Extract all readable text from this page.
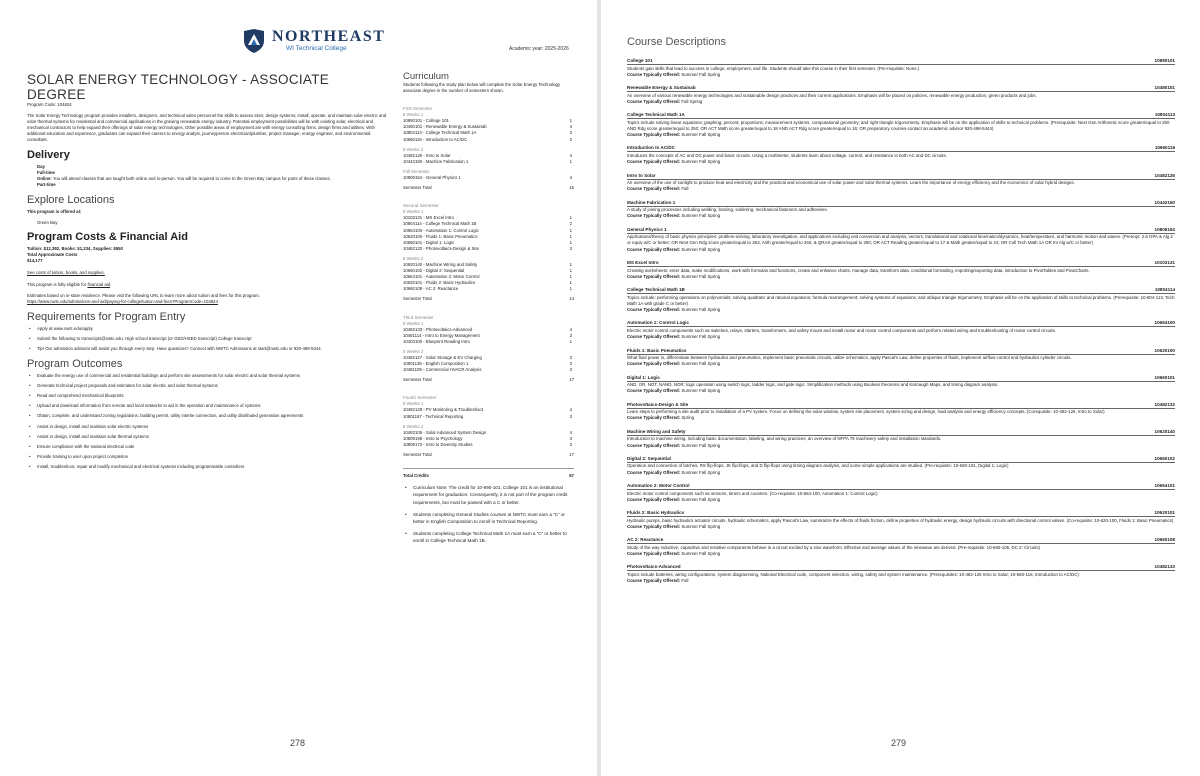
NORTHEAST
WI Technical College	Academic year: 2025-2026
SOLAR ENERGY TECHNOLOGY - ASSOCIATE DEGREE
Program Code: 104824

The Solar Energy Technology program provides installers, designers, and technical sales personnel the skills to assess sites; design systems; install, operate, and maintain solar electric and solar thermal systems for residential and commercial applications in the growing renewable energy industry. Potential employment possibilities will be with existing solar, electrical and mechanical contractors to help expand their offerings of solar energy technologies. Other possible areas of employment are with energy consulting firms, design firms and utilities. With additional education and experience, graduates can expand their careers to energy analyst, journeyperson electrician/plumber, project manager, energy engineer, and environmental consultant.

Delivery

Day

Full-time

Online: You will attend classes that are taught both online and in-person. You will be required to come to the Green Bay campus for parts of these classes.

Part-time

Explore Locations
This program is offered at:
Green Bay
Program Costs & Financial Aid
Tuition: $12,392, Books: $1,234, Supplies: $550
Total Approximate Costs
$14,177
See costs of tuition, books, and supplies.
This program is fully eligible for financial aid.
Estimates based on in-state residence. Please visit the following URL to learn more about tuition and fees for this program.
https://www.nwtc.edu/admissions-and-aid/paying-for-college/tuition-and-fees?ProgramCode=104824
Requirements for Program Entry
• Apply at www.nwtc.edu/apply.
• Submit the following to transcripts@nwtc.edu: High school transcript (or GED/HSED transcript) College transcript
• Tip! Our admission advisors will assist you through every step. Have questions? Connect with NWTC Admissions at start@nwtc.edu or 920-498-5444.
Program Outcomes
• Evaluate the energy use of commercial and residential buildings and perform site assessments for solar electric and solar thermal systems
• Generate technical project proposals and estimates for solar electric and solar thermal systems
• Read and comprehend mechanical blueprints
• Upload and download information from remote and local networks to aid in the operation and maintenance of systems
• Obtain, complete, and understand zoning regulations, building permit, utility intertie connection, and utility distributed generation agreements
• Assist in design, install and maintain solar electric systems
• Assist in design, install and maintain solar thermal systems
• Ensure compliance with the national electrical code
• Provide training to user upon project completion
• Install, troubleshoot, repair and modify mechanical and electrical systems including programmable controllers
Curriculum
Students following the study plan below will complete the Solar Energy Technology associate degree in the number of semesters shown.
First Semester
8 Weeks 1
10890101 - College 101	1
10480101 - Renewable Energy & Sustainab	4
10804113 - College Technical Math 1A	3
10660116 - Introduction to AC/DC	2
8 Weeks 2
10482126 - Intro to Solar	4
10442150 - Machine Fabrication 1	1
Full Semester
10806154 - General Physics 1	4
Semester Total	15
Second Semester
8 Weeks 1
10103131 - MS Excel Intro	1
10804114 - College Technical Math 1B	2
10664100 - Automation 1: Control Logic	1
10620100 - Fluids 1: Basic Pneumatics	1
10660101 - Digital 1: Logic	1
10482132 - Photovoltaics-Design & Site	3
8 Weeks 2
10620140 - Machine Wiring and Safety	1
10660102 - Digital 2: Sequential	1
10664101 - Automation 2: Motor Control	1
10620101 - Fluids 2: Basic Hydraulics	1
10660108 - AC 2: Reactance	1
Semester Total	14
Third Semester
8 Weeks 1
10482133 - Photovoltaics-Advanced	4
10481114 - Intro to Energy Management	3
10403100 - Blueprint Reading Intro	1
8 Weeks 2
10482127 - Solar Storage & EV Charging	3
10801136 - English Composition 1	3
10481109 - Commercial HVACR Analysis	3
Semester Total	17
Fourth Semester
8 Weeks 1
10482128 - PV Monitoring & Troubleshoot	4
10801197 - Technical Reporting	3
8 Weeks 2
10483106 - Solar Advanced System Design	4
10809198 - Intro to Psychology	3
10809172 - Intro to Diversity Studies	3
Semester Total	17
Total Credits	67
• Curriculum Note: The credit for 10-890-101, College 101 is an institutional requirement for graduation. Consequently, it is not part of the program credit requirements, but must be passed with a C or better.
• Students completing General Studies courses at NWTC must earn a “C” or better in English Composition to enroll in Technical Reporting.
• Students completing College Technical Math 1A must earn a “C” or better to enroll in College Technical Math 1B.
278
Course Descriptions
College 101	10890101
Students gain skills that lead to success in college, employment, and life. Students should take this course in their first semester. (Pre-requisite: None.)
Course Typically Offered: Summer Fall Spring
Renewable Energy & Sustainab	10480101
An overview of various renewable energy technologies and sustainable design practices and their current applications. Emphasis will be placed on policies, renewable energy production, green products and jobs.
Course Typically Offered: Fall Spring
College Technical Math 1A	10804113
Topics include solving linear equations; graphing; percent; proportions; measurement systems, computational geometry; and right triangle trigonometry. Emphasis will be on the application of skills to technical problems. (Prerequisite: Next Gen Arithmetic score greater/equal to 250 AND Rdg score greater/equal to 250; OR ACT Math score greater/equal to 18 AND ACT Rdg score greater/equal to 16; OR preparatory courses-contact an academic advisor 920-498-5444)
Course Typically Offered: Summer Fall Spring
Introduction to AC/DC	10660116
Introduces the concepts of AC and DC power and basic circuits. Using a multimeter, students learn about voltage, current, and resistance in both AC and DC circuits.
Course Typically Offered: Summer Fall Spring
Intro to Solar	10482126
An overview of the use of sunlight to produce heat and electricity and the practical and economical use of solar power and solar thermal systems. Learn the importance of energy efficiency and the economics of solar hybrid designs.
Course Typically Offered: Fall
Machine Fabrication 1	10442150
A study of joining processes including welding, brazing, soldering, mechanical fasteners and adhesives.
Course Typically Offered: Summer Fall Spring
General Physics 1	10806154
Applications/theory of basic physics principles: problem-solving, laboratory investigation, and applications including unit conversion and analysis, vectors, translational and rotational kinematics/dynamics, heat/temperature, and harmonic motion and waves. (Prereqs: 2.6 GPA & Alg 2 or equiv w/C or better; OR Next Gen Rdg score greater/equal to 263, Arith greater/equal to 250, & QRAS greater/equal to 250; OR ACT Reading greater/equal to 17 & Math greater/equal to 24; OR Coll Tech Math 1A OR Int Alg w/C or better)
Course Typically Offered: Summer Fall Spring
MS Excel Intro	10103131
Creating worksheets; enter data, make modifications, work with formulas and functions, create and enhance charts, manage data, transform data, conditional formatting, importing/exporting data, introduction to PivotTables and PivotCharts.
Course Typically Offered: Summer Fall Spring
College Technical Math 1B	10804114
Topics include: performing operations on polynomials; solving quadratic and rational equations; formula rearrangement; solving systems of equations; and oblique triangle trigonometry. Emphasis will be on the application of skills to technical problems. (Prerequisite: 10-804-113, Tech Math 1A with grade C or better)
Course Typically Offered: Summer Fall Spring
Automation 1: Control Logic	10664100
Electric motor control components such as switches, relays, starters, transformers, and safety mount and install motor and motor control components and perform related wiring and troubleshooting of motor control circuits.
Course Typically Offered: Summer Fall Spring
Fluids 1: Basic Pneumatics	10620100
What fluid power is, differentiate between hydraulics and pneumatics, implement basic pneumatic circuits, utilize schematics, apply Pascal's Law, define properties of fluids, implement airflow control and hydraulics cylinder circuits.
Course Typically Offered: Summer Fall Spring
Digital 1: Logic	10660101
AND, OR, NOT, NAND, NOR; logic operation using switch logic, ladder logic, and gate logic. Simplification methods using Boolean theorems and Karnaugh Maps, and timing diagram analysis.
Course Typically Offered: Summer Fall Spring
Photovoltaics-Design & Site	10482132
Learn steps to performing a site audit prior to installation of a PV system. Focus on defining the solar window, system site placement, system sizing and design, load analysis and energy efficiency concepts. (Corequisite: 10-482-126, Intro to Solar)
Course Typically Offered: Spring
Machine Wiring and Safety	10620140
Introduction to machine wiring, including basic documentation, labeling, and wiring practices; an overview of NFPA 79 machinery safety and installation standards.
Course Typically Offered: Summer Fall Spring
Digital 2: Sequential	10660102
Operation and connection of latches, RS flip-flops, JK flip-flops, and D flip-flops using timing diagram analysis, and some simple applications are studied. (Pre-requisite: 10-660-101, Digital 1: Logic)
Course Typically Offered: Summer Fall Spring
Automation 2: Motor Control	10664101
Electric motor control components such as sensors, timers and counters. (Co-requisite: 10-664-100, Automation 1: Control Logic)
Course Typically Offered: Summer Fall Spring
Fluids 2: Basic Hydraulics	10620101
Hydraulic pumps, basic hydraulics actuator circuits, hydraulic schematics, apply Pascal's Law, summarize the effects of fluids friction, define properties of hydraulic energy, design hydraulic circuits with directional control valves. (Co-requisite: 10-620-100, Fluids 1: Basic Pneumatics)
Course Typically Offered: Summer Fall Spring
AC 2: Reactance	10660108
Study of the way inductive, capacitive and resistive components behave in a circuit excited by a sine waveform. Effective and average values of the sinewave are derived. (Pre-requisite: 10-660-105, DC 2: Circuits)
Course Typically Offered: Summer Fall Spring
Photovoltaics-Advanced	10482133
Topics include batteries, wiring configurations, system diagramming, National Electrical code, component selection, wiring, safety and system maintenance. (Prerequisites: 10-482-126 Intro to Solar; 10-660-116, Introduction to AC/DC)
Course Typically Offered: Fall
279
